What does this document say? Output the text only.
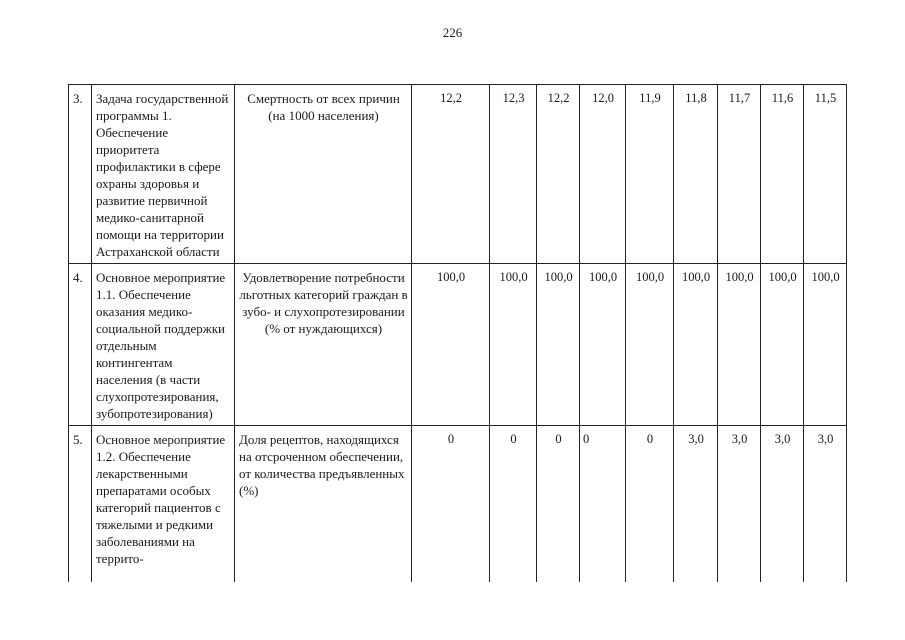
226
3.	Задача государственной программы 1. Обеспечение приоритета профилактики в сфере охраны здоровья и развитие первичной медико-санитарной помощи на территории Астраханской области	Смертность от всех причин (на 1000 населения)	12,2	12,3	12,2	12,0	11,9	11,8	11,7	11,6	11,5
4.	Основное мероприятие 1.1. Обеспечение оказания медико-социальной поддержки отдельным контингентам населения (в части слухопротезирования, зубопротезирования)	Удовлетворение потребности льготных категорий граждан в зубо- и слухопротезировании (% от нуждающихся)	100,0	100,0	100,0	100,0	100,0	100,0	100,0	100,0	100,0
5.	Основное мероприятие 1.2. Обеспечение лекарственными препаратами особых категорий пациентов с тяжелыми и редкими заболеваниями на террито-	Доля рецептов, находящихся на отсроченном обеспечении, от количества предъявленных (%)	0	0	0	0	0	3,0	3,0	3,0	3,0
